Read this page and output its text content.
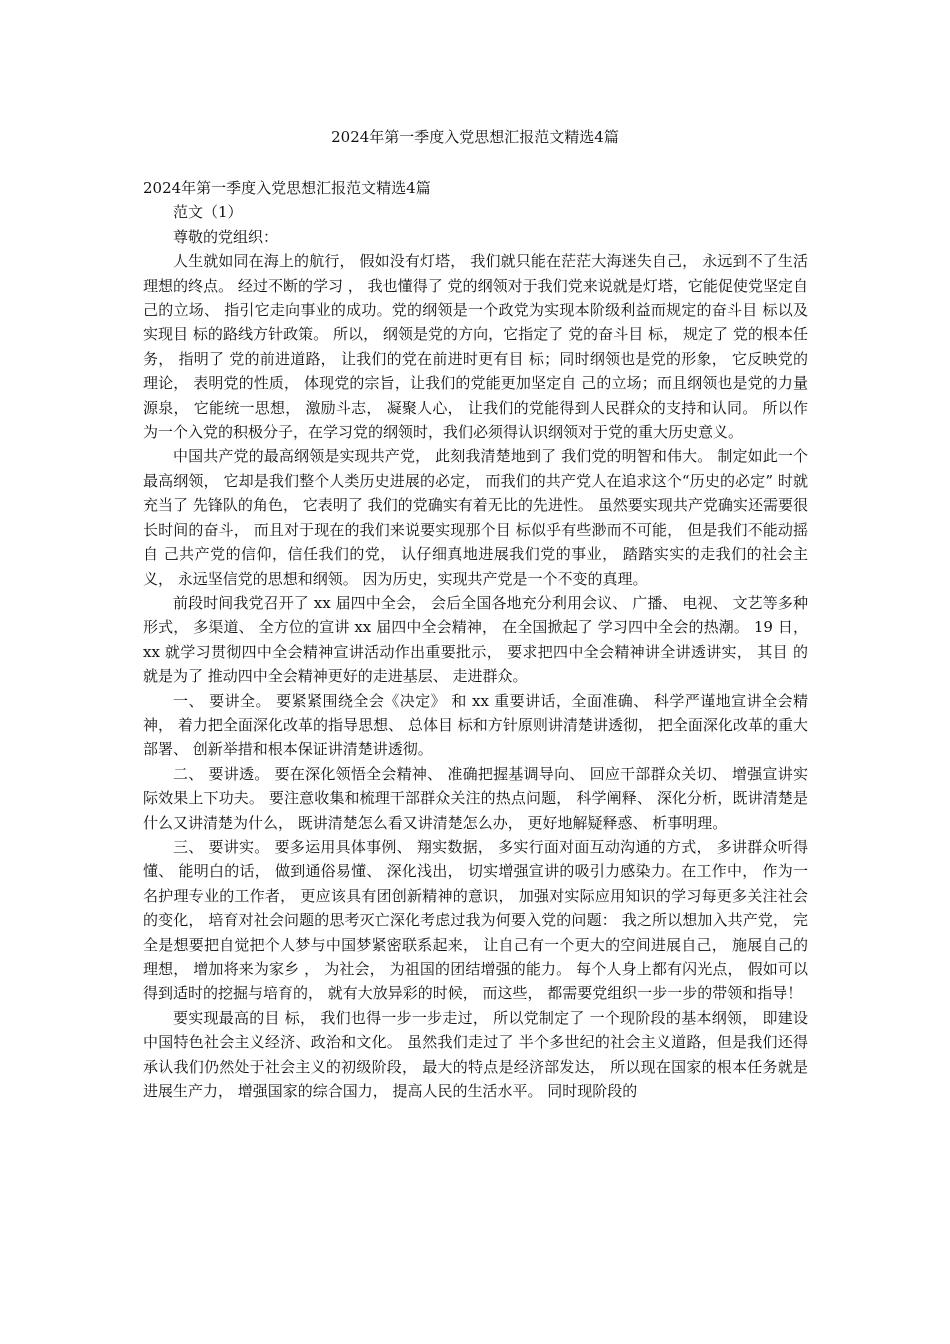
2024年第一季度入党思想汇报范文精选4篇

2024年第一季度入党思想汇报范文精选4篇

范文（1）

尊敬的党组织：

人生就如同在海上的航行， 假如没有灯塔， 我们就只能在茫茫大海迷失自己， 永远到不了生活理想的终点。 经过不断的学习 ， 我也懂得了 党的纲领对于我们党来说就是灯塔，它能促使党坚定自己的立场、 指引它走向事业的成功。党的纲领是一个政党为实现本阶级利益而规定的奋斗目 标以及实现目 标的路线方针政策。 所以， 纲领是党的方向，它指定了 党的奋斗目 标， 规定了 党的根本任务， 指明了 党的前进道路， 让我们的党在前进时更有目 标；同时纲领也是党的形象， 它反映党的理论， 表明党的性质， 体现党的宗旨，让我们的党能更加坚定自 己的立场；而且纲领也是党的力量源泉， 它能统一思想， 激励斗志， 凝聚人心， 让我们的党能得到人民群众的支持和认同。 所以作为一个入党的积极分子，在学习党的纲领时，我们必须得认识纲领对于党的重大历史意义。

中国共产党的最高纲领是实现共产党， 此刻我清楚地到了 我们党的明智和伟大。 制定如此一个最高纲领， 它却是我们整个人类历史进展的必定， 而我们的共产党人在追求这个“历史的必定” 时就充当了 先锋队的角色， 它表明了 我们的党确实有着无比的先进性。 虽然要实现共产党确实还需要很长时间的奋斗， 而且对于现在的我们来说要实现那个目 标似乎有些渺而不可能， 但是我们不能动摇自 己共产党的信仰，信任我们的党， 认仔细真地进展我们党的事业， 踏踏实实的走我们的社会主义， 永远坚信党的思想和纲领。 因为历史，实现共产党是一个不变的真理。

前段时间我党召开了 xx 届四中全会， 会后全国各地充分利用会议、 广播、 电视、 文艺等多种形式， 多渠道、 全方位的宣讲 xx 届四中全会精神， 在全国掀起了 学习四中全会的热潮。 19 日， xx 就学习贯彻四中全会精神宣讲活动作出重要批示， 要求把四中全会精神讲全讲透讲实， 其目 的就是为了 推动四中全会精神更好的走进基层、 走进群众。

一、 要讲全。 要紧紧围绕全会《决定》 和 xx 重要讲话，全面准确、 科学严谨地宣讲全会精神， 着力把全面深化改革的指导思想、 总体目 标和方针原则讲清楚讲透彻， 把全面深化改革的重大部署、 创新举措和根本保证讲清楚讲透彻。

二、 要讲透。 要在深化领悟全会精神、 准确把握基调导向、 回应干部群众关切、 增强宣讲实际效果上下功夫。 要注意收集和梳理干部群众关注的热点问题， 科学阐释、 深化分析，既讲清楚是什么又讲清楚为什么， 既讲清楚怎么看又讲清楚怎么办， 更好地解疑释惑、 析事明理。

三、 要讲实。 要多运用具体事例、 翔实数据， 多实行面对面互动沟通的方式， 多讲群众听得懂、 能明白的话， 做到通俗易懂、 深化浅出， 切实增强宣讲的吸引力感染力。在工作中， 作为一名护理专业的工作者， 更应该具有团创新精神的意识， 加强对实际应用知识的学习每更多关注社会的变化， 培育对社会问题的思考灭亡深化考虑过我为何要入党的问题： 我之所以想加入共产党， 完全是想要把自觉把个人梦与中国梦紧密联系起来， 让自己有一个更大的空间进展自己， 施展自己的理想， 增加将来为家乡 ， 为社会， 为祖国的团结增强的能力。 每个人身上都有闪光点， 假如可以得到适时的挖掘与培育的， 就有大放异彩的时候， 而这些， 都需要党组织一步一步的带领和指导！

要实现最高的目 标， 我们也得一步一步走过， 所以党制定了 一个现阶段的基本纲领， 即建设中国特色社会主义经济、政治和文化。 虽然我们走过了 半个多世纪的社会主义道路，但是我们还得承认我们仍然处于社会主义的初级阶段， 最大的特点是经济部发达， 所以现在国家的根本任务就是进展生产力， 增强国家的综合国力， 提高人民的生活水平。 同时现阶段的
